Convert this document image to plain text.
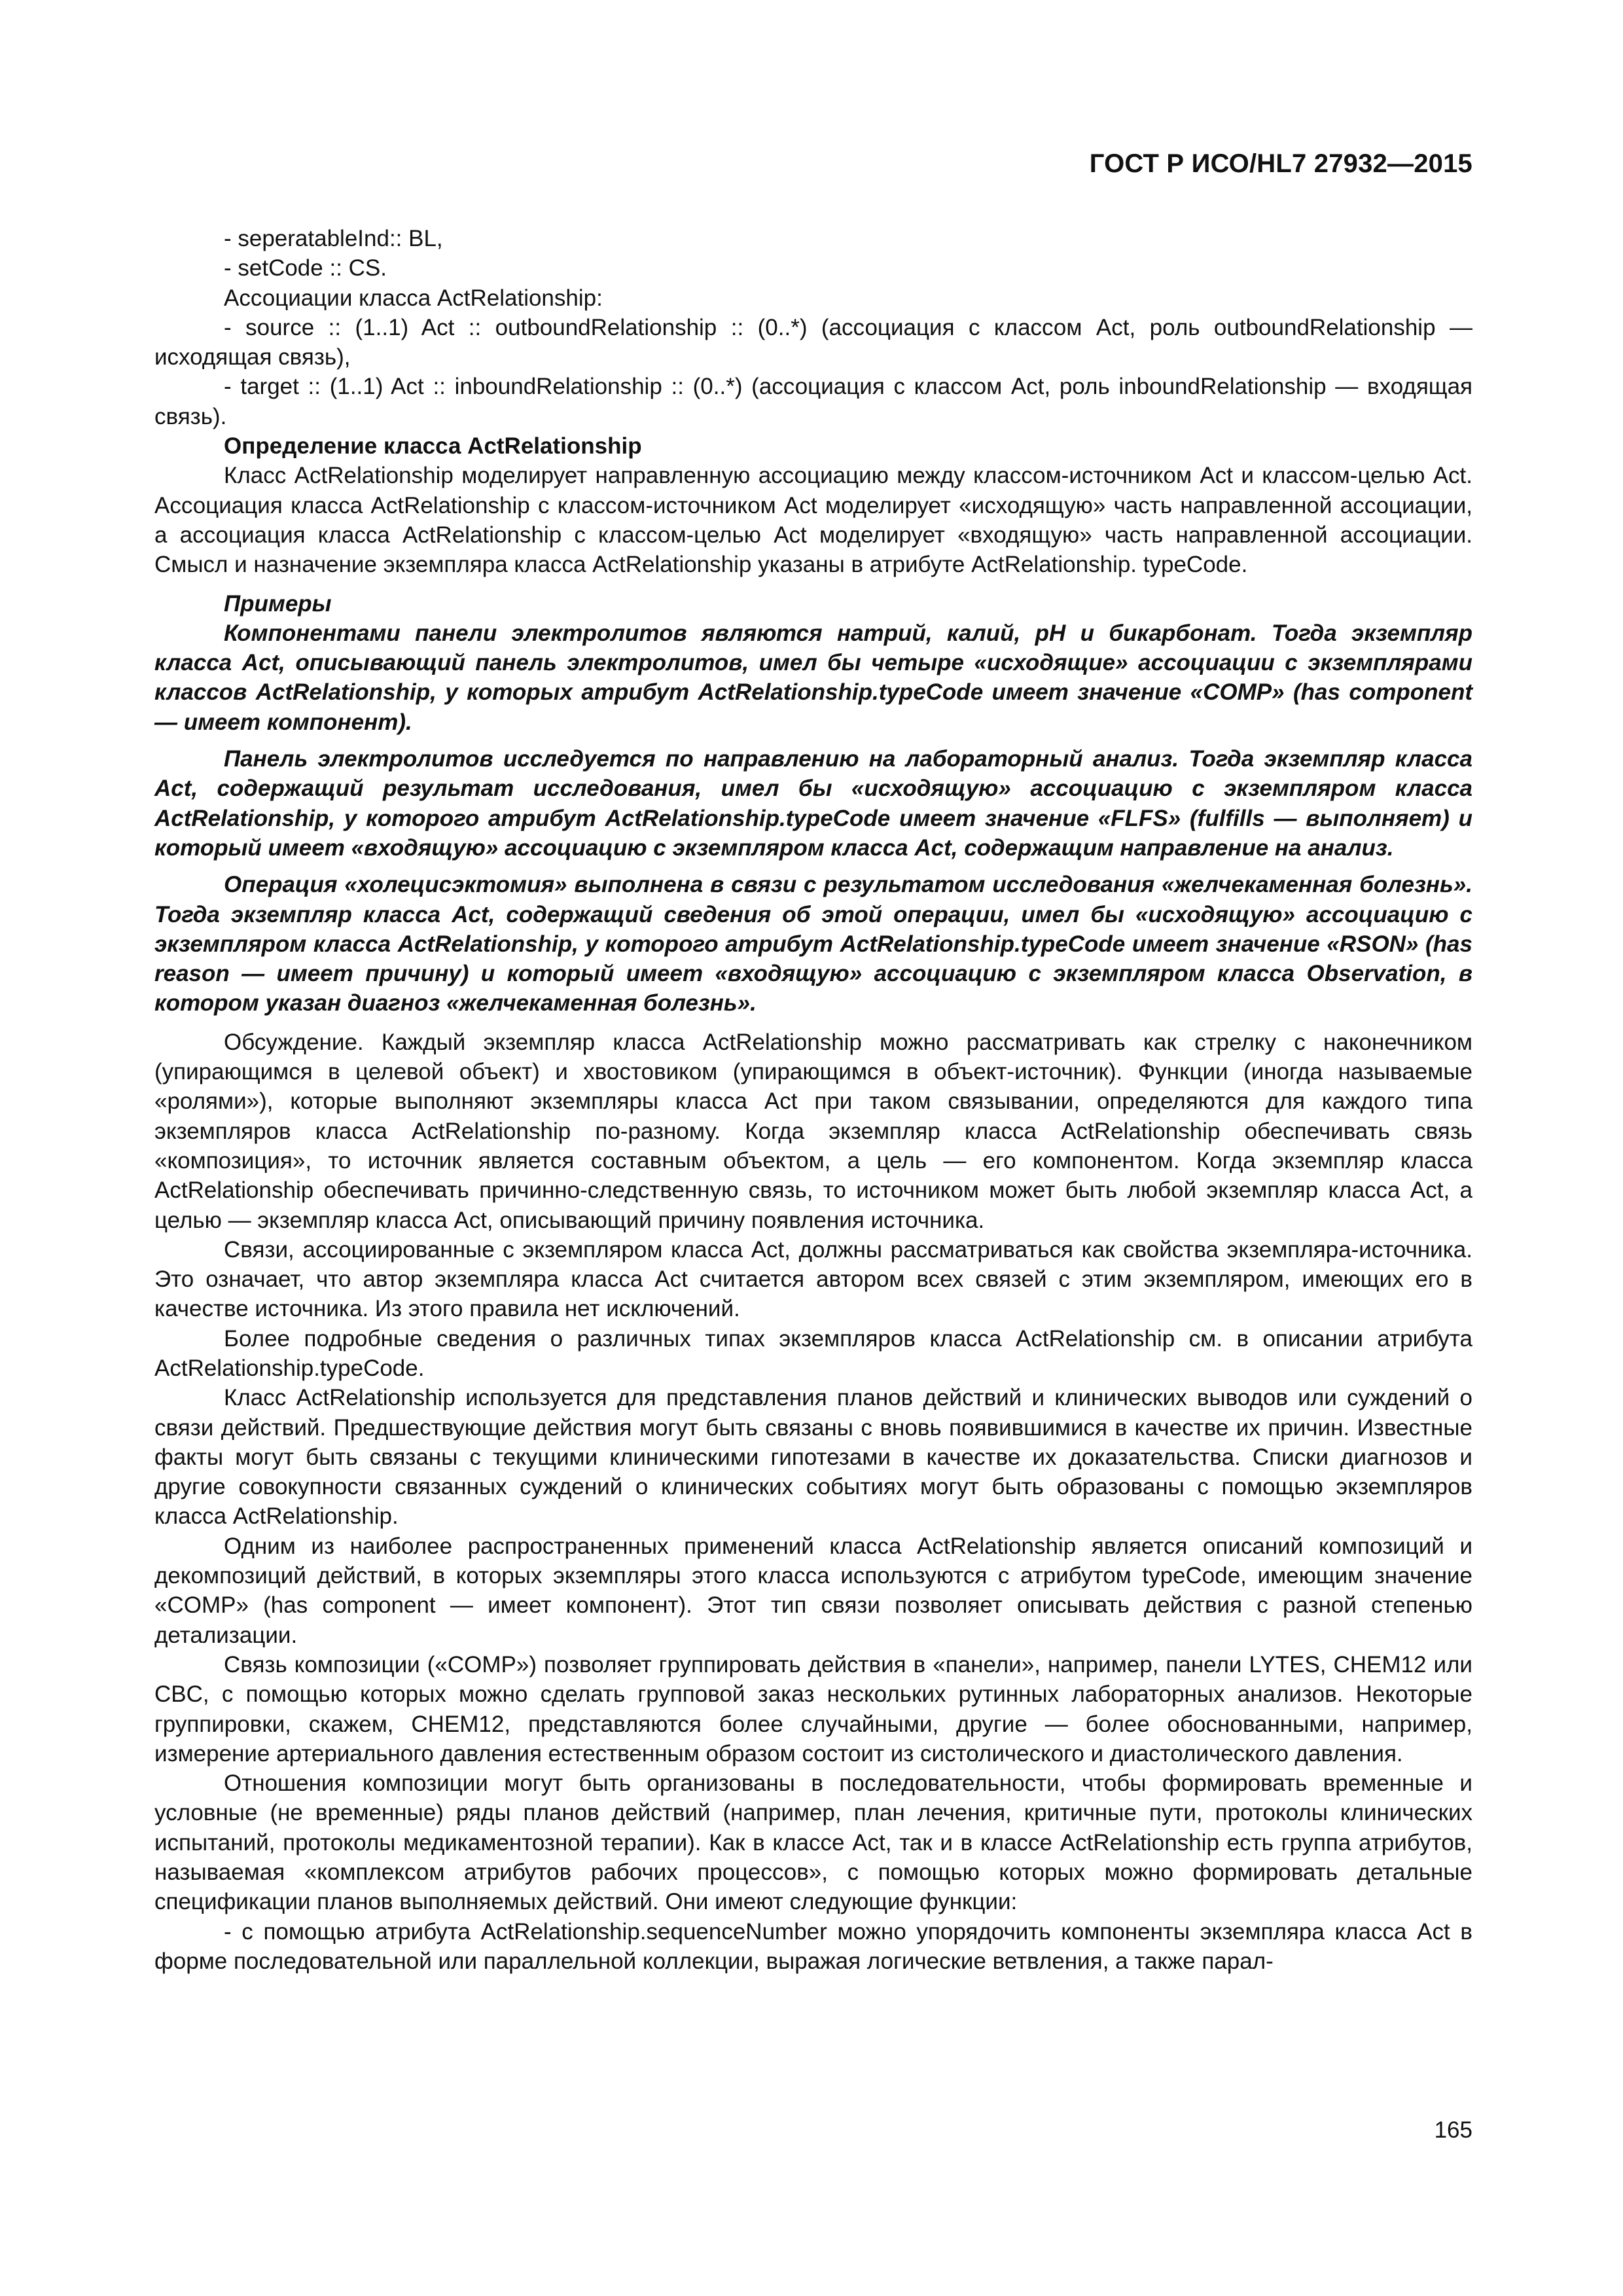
ГОСТ Р ИСО/HL7 27932—2015

- seperatableInd:: BL,

- setCode :: CS.

Ассоциации класса ActRelationship:

- source :: (1..1) Act :: outboundRelationship :: (0..*) (ассоциация с классом Act, роль outboundRelationship — исходящая связь),

- target :: (1..1) Act :: inboundRelationship :: (0..*) (ассоциация с классом Act, роль inboundRelationship — входящая связь).

Определение класса ActRelationship

Класс ActRelationship моделирует направленную ассоциацию между классом-источником Act и классом-целью Act. Ассоциация класса ActRelationship с классом-источником Act моделирует «исходящую» часть направленной ассоциации, а ассоциация класса ActRelationship с классом-целью Act моделирует «входящую» часть направленной ассоциации. Смысл и назначение экземпляра класса ActRelationship указаны в атрибуте ActRelationship. typeCode.

Примеры

Компонентами панели электролитов являются натрий, калий, pH и бикарбонат. Тогда экземпляр класса Act, описывающий панель электролитов, имел бы четыре «исходящие» ассоциации с экземплярами классов ActRelationship, у которых атрибут ActRelationship.typeCode имеет значение «COMP» (has component — имеет компонент).

Панель электролитов исследуется по направлению на лабораторный анализ. Тогда экземпляр класса Act, содержащий результат исследования, имел бы «исходящую» ассоциацию с экземпляром класса ActRelationship, у которого атрибут ActRelationship.typeCode имеет значение «FLFS» (fulfills — выполняет) и который имеет «входящую» ассоциацию с экземпляром класса Act, содержащим направление на анализ.

Операция «холецисэктомия» выполнена в связи с результатом исследования «желчекаменная болезнь». Тогда экземпляр класса Act, содержащий сведения об этой операции, имел бы «исходящую» ассоциацию с экземпляром класса ActRelationship, у которого атрибут ActRelationship.typeCode имеет значение «RSON» (has reason — имеет причину) и который имеет «входящую» ассоциацию с экземпляром класса Observation, в котором указан диагноз «желчекаменная болезнь».

Обсуждение. Каждый экземпляр класса ActRelationship можно рассматривать как стрелку с наконечником (упирающимся в целевой объект) и хвостовиком (упирающимся в объект-источник). Функции (иногда называемые «ролями»), которые выполняют экземпляры класса Act при таком связывании, определяются для каждого типа экземпляров класса ActRelationship по-разному. Когда экземпляр класса ActRelationship обеспечивать связь «композиция», то источник является составным объектом, а цель — его компонентом. Когда экземпляр класса ActRelationship обеспечивать причинно-следственную связь, то источником может быть любой экземпляр класса Act, а целью — экземпляр класса Act, описывающий причину появления источника.

Связи, ассоциированные с экземпляром класса Act, должны рассматриваться как свойства экземпляра-источника. Это означает, что автор экземпляра класса Act считается автором всех связей с этим экземпляром, имеющих его в качестве источника. Из этого правила нет исключений.

Более подробные сведения о различных типах экземпляров класса ActRelationship см. в описании атрибута ActRelationship.typeCode.

Класс ActRelationship используется для представления планов действий и клинических выводов или суждений о связи действий. Предшествующие действия могут быть связаны с вновь появившимися в качестве их причин. Известные факты могут быть связаны с текущими клиническими гипотезами в качестве их доказательства. Списки диагнозов и другие совокупности связанных суждений о клинических событиях могут быть образованы с помощью экземпляров класса ActRelationship.

Одним из наиболее распространенных применений класса ActRelationship является описаний композиций и декомпозиций действий, в которых экземпляры этого класса используются с атрибутом typeCode, имеющим значение «COMP» (has component — имеет компонент). Этот тип связи позволяет описывать действия с разной степенью детализации.

Связь композиции («COMP») позволяет группировать действия в «панели», например, панели LYTES, CHEM12 или CBC, с помощью которых можно сделать групповой заказ нескольких рутинных лабораторных анализов. Некоторые группировки, скажем, CHEM12, представляются более случайными, другие — более обоснованными, например, измерение артериального давления естественным образом состоит из систолического и диастолического давления.

Отношения композиции могут быть организованы в последовательности, чтобы формировать временные и условные (не временные) ряды планов действий (например, план лечения, критичные пути, протоколы клинических испытаний, протоколы медикаментозной терапии). Как в классе Act, так и в классе ActRelationship есть группа атрибутов, называемая «комплексом атрибутов рабочих процессов», с помощью которых можно формировать детальные спецификации планов выполняемых действий. Они имеют следующие функции:

- с помощью атрибута ActRelationship.sequenceNumber можно упорядочить компоненты экземпляра класса Act в форме последовательной или параллельной коллекции, выражая логические ветвления, а также парал-

165
